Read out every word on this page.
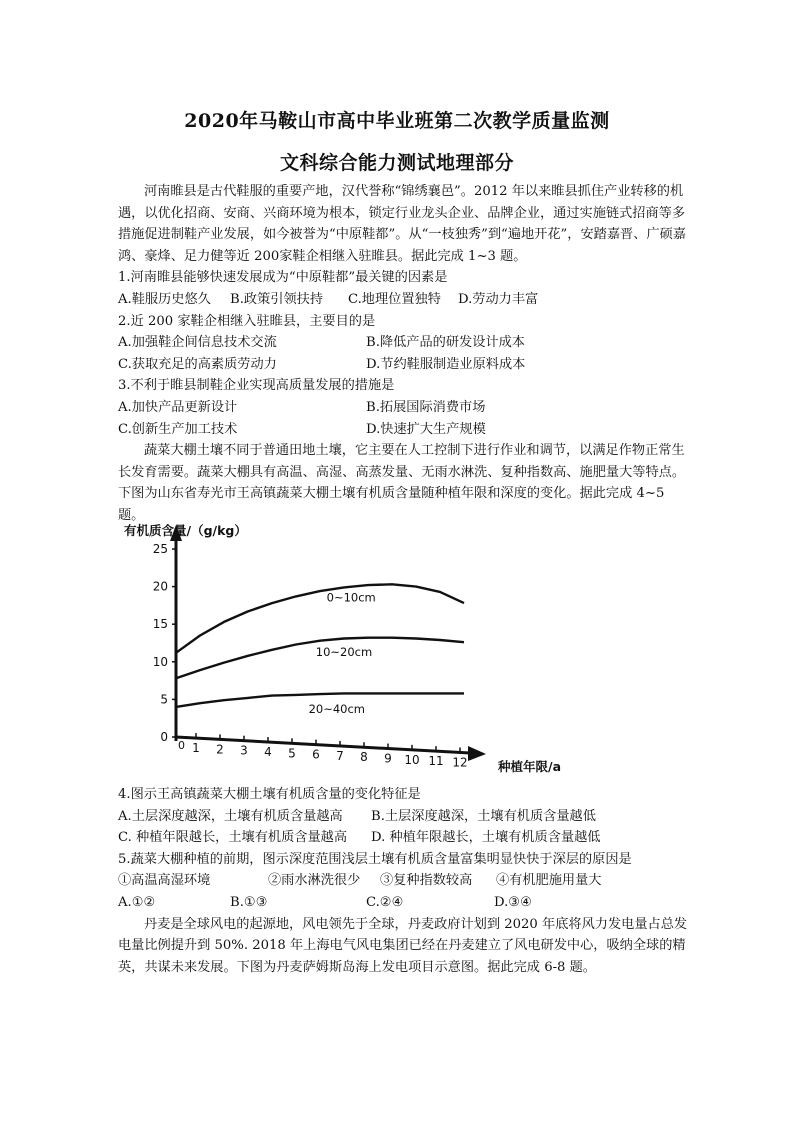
2020年马鞍山市高中毕业班第二次教学质量监测
文科综合能力测试地理部分

河南睢县是古代鞋服的重要产地，汉代誉称“锦绣襄邑”。2012 年以来睢县抓住产业转移的机遇，以优化招商、安商、兴商环境为根本，锁定行业龙头企业、品牌企业，通过实施链式招商等多措施促进制鞋产业发展，如今被誉为“中原鞋都”。从“一枝独秀”到“遍地开花”，安踏嘉晋、广硕嘉鸿、豪烽、足力健等近 200家鞋企相继入驻睢县。据此完成 1~3 题。

1.河南睢县能够快速发展成为“中原鞋都”最关键的因素是

A.鞋服历史悠久	B.政策引领扶持	C.地理位置独特	D.劳动力丰富

2.近 200 家鞋企相继入驻睢县，主要目的是

A.加强鞋企间信息技术交流	B.降低产品的研发设计成本

C.获取充足的高素质劳动力	D.节约鞋服制造业原料成本

3.不利于睢县制鞋企业实现高质量发展的措施是

A.加快产品更新设计	B.拓展国际消费市场

C.创新生产加工技术	D.快速扩大生产规模

蔬菜大棚土壤不同于普通田地土壤，它主要在人工控制下进行作业和调节，以满足作物正常生长发育需要。蔬菜大棚具有高温、高湿、高蒸发量、无雨水淋洗、复种指数高、施肥量大等特点。下图为山东省寿光市王高镇蔬菜大棚土壤有机质含量随种植年限和深度的变化。据此完成 4~5 题。

0
5
10
15
20
25
0 1 2 3 4 5 6 7 8 9 10 11 12
0~10cm
10~20cm
20~40cm
有机质含量/（g/kg）
种植年限/a

4.图示王高镇蔬菜大棚土壤有机质含量的变化特征是

A.土层深度越深，土壤有机质含量越高	B.土层深度越深，土壤有机质含量越低

C. 种植年限越长，土壤有机质含量越高	D. 种植年限越长，土壤有机质含量越低

5.蔬菜大棚种植的前期，图示深度范围浅层土壤有机质含量富集明显快快于深层的原因是

①高温高湿环境	②雨水淋洗很少	③复种指数较高	④有机肥施用量大

A.①②	B.①③	C.②④	D.③④

丹麦是全球风电的起源地，风电领先于全球，丹麦政府计划到 2020 年底将风力发电量占总发电量比例提升到 50%. 2018 年上海电气风电集团已经在丹麦建立了风电研发中心，吸纳全球的精英，共谋未来发展。下图为丹麦萨姆斯岛海上发电项目示意图。据此完成 6-8 题。
